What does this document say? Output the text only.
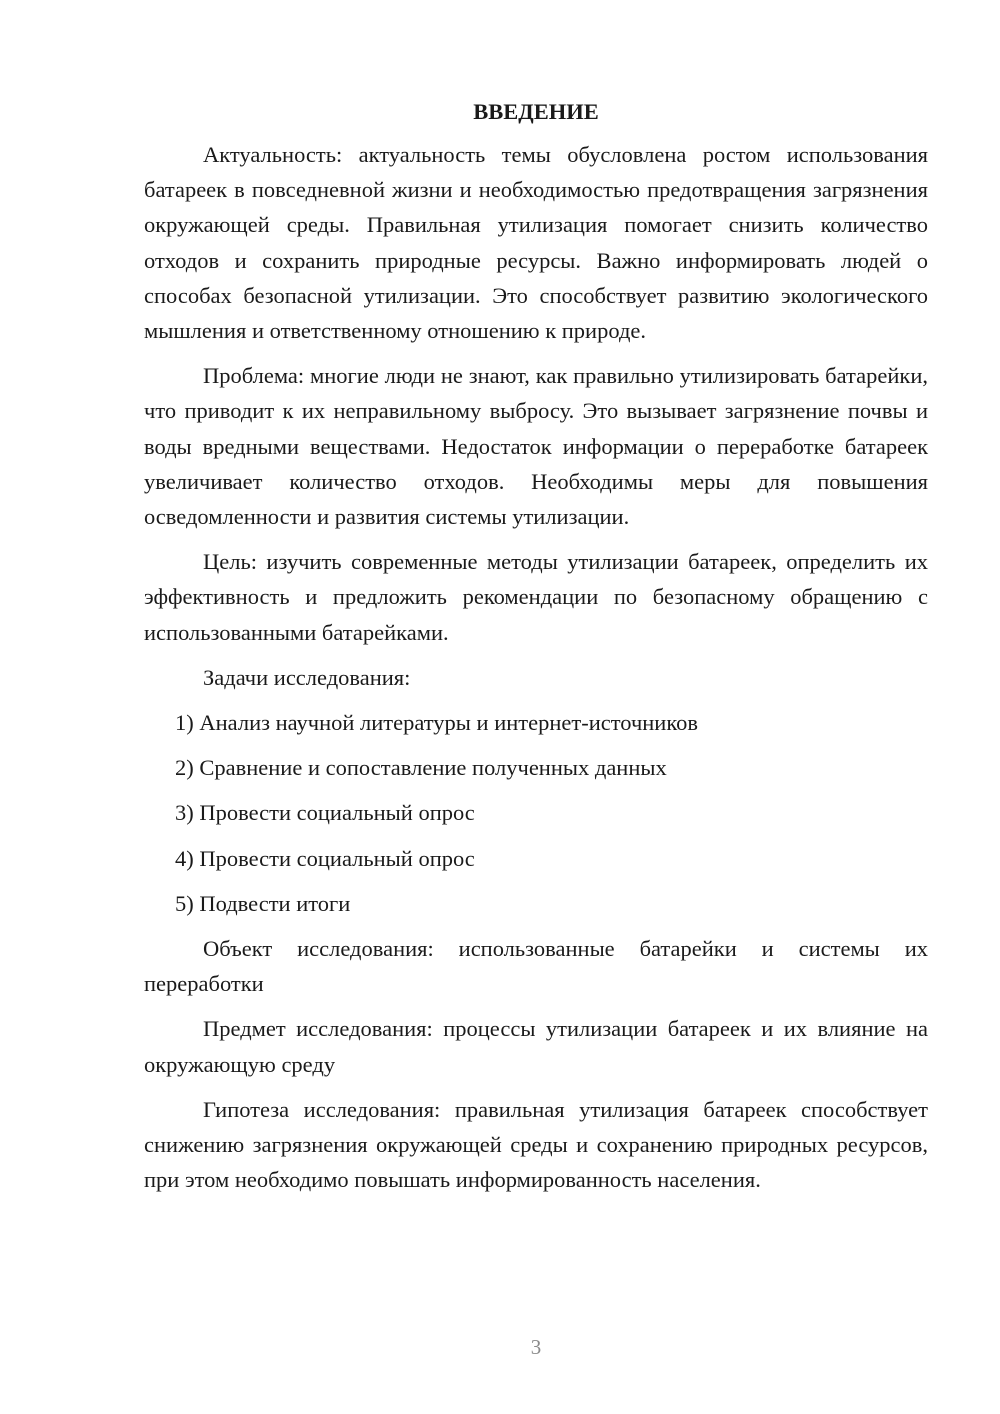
ВВЕДЕНИЕ

Актуальность: актуальность темы обусловлена ростом использования батареек в повседневной жизни и необходимостью предотвращения загрязнения окружающей среды. Правильная утилизация помогает снизить количество отходов и сохранить природные ресурсы. Важно информировать людей о способах безопасной утилизации. Это способствует развитию экологического мышления и ответственному отношению к природе.

Проблема: многие люди не знают, как правильно утилизировать батарейки, что приводит к их неправильному выбросу. Это вызывает загрязнение почвы и воды вредными веществами. Недостаток информации о переработке батареек увеличивает количество отходов. Необходимы меры для повышения осведомленности и развития системы утилизации.

Цель: изучить современные методы утилизации батареек, определить их эффективность и предложить рекомендации по безопасному обращению с использованными батарейками.

Задачи исследования:

1) Анализ научной литературы и интернет-источников

2) Сравнение и сопоставление полученных данных

3) Провести социальный опрос

4) Провести социальный опрос

5) Подвести итоги

Объект исследования: использованные батарейки и системы их переработки

Предмет исследования: процессы утилизации батареек и их влияние на окружающую среду

Гипотеза исследования: правильная утилизация батареек способствует снижению загрязнения окружающей среды и сохранению природных ресурсов, при этом необходимо повышать информированность населения.

3
